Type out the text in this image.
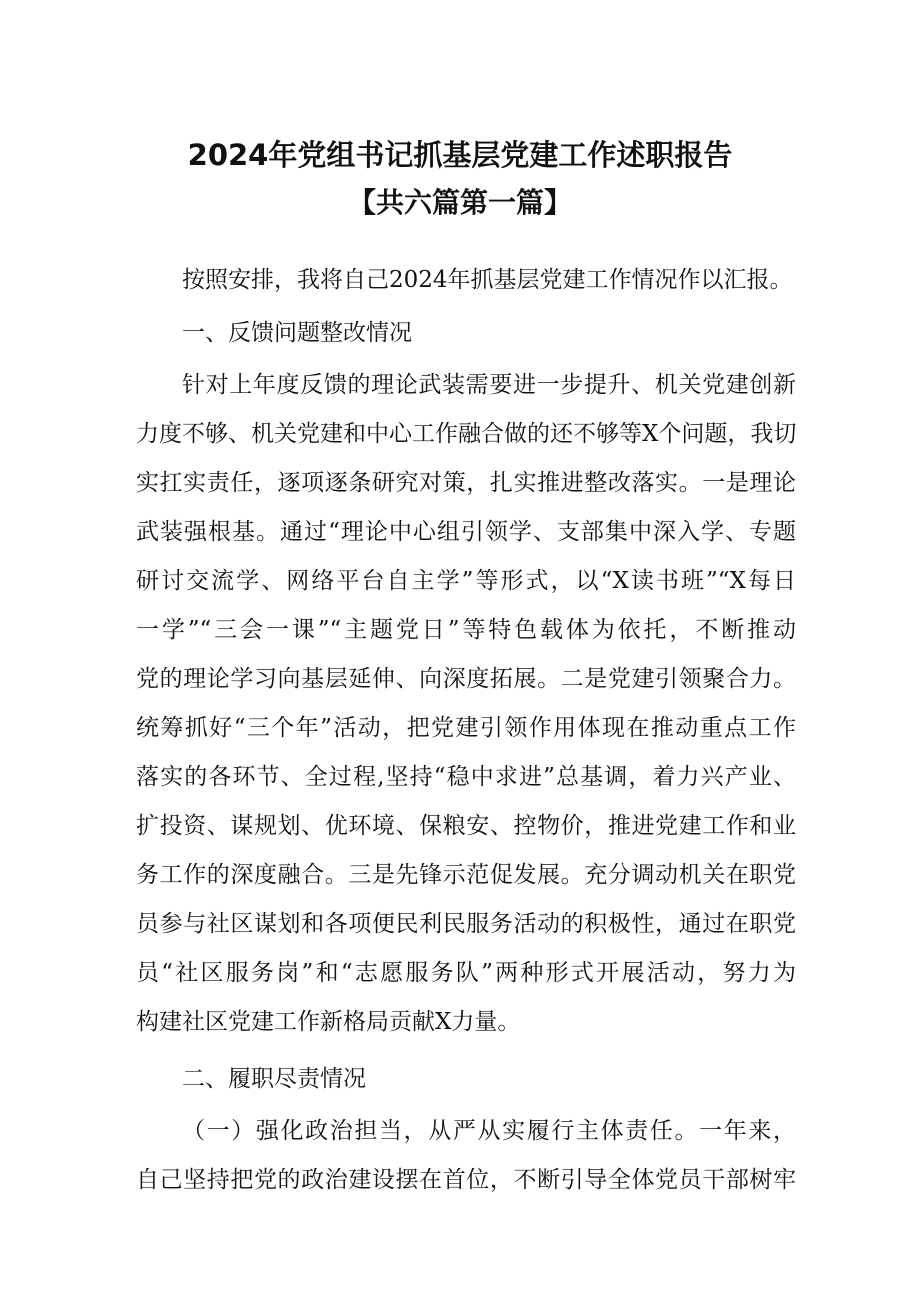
2024年党组书记抓基层党建工作述职报告
【共六篇第一篇】
按照安排，我将自己2024年抓基层党建工作情况作以汇报。
一、反馈问题整改情况
针对上年度反馈的理论武装需要进一步提升、机关党建创新
力度不够、机关党建和中心工作融合做的还不够等X个问题，我切
实扛实责任，逐项逐条研究对策，扎实推进整改落实。一是理论
武装强根基。通过“理论中心组引领学、支部集中深入学、专题
研讨交流学、网络平台自主学”等形式，以“X读书班”“X每日
一学”“三会一课”“主题党日”等特色载体为依托，不断推动
党的理论学习向基层延伸、向深度拓展。二是党建引领聚合力。
统筹抓好“三个年”活动，把党建引领作用体现在推动重点工作
落实的各环节、全过程,坚持“稳中求进”总基调，着力兴产业、
扩投资、谋规划、优环境、保粮安、控物价，推进党建工作和业
务工作的深度融合。三是先锋示范促发展。充分调动机关在职党
员参与社区谋划和各项便民利民服务活动的积极性，通过在职党
员“社区服务岗”和“志愿服务队”两种形式开展活动，努力为
构建社区党建工作新格局贡献X力量。
二、履职尽责情况
（一）强化政治担当，从严从实履行主体责任。一年来，
自己坚持把党的政治建设摆在首位，不断引导全体党员干部树牢
